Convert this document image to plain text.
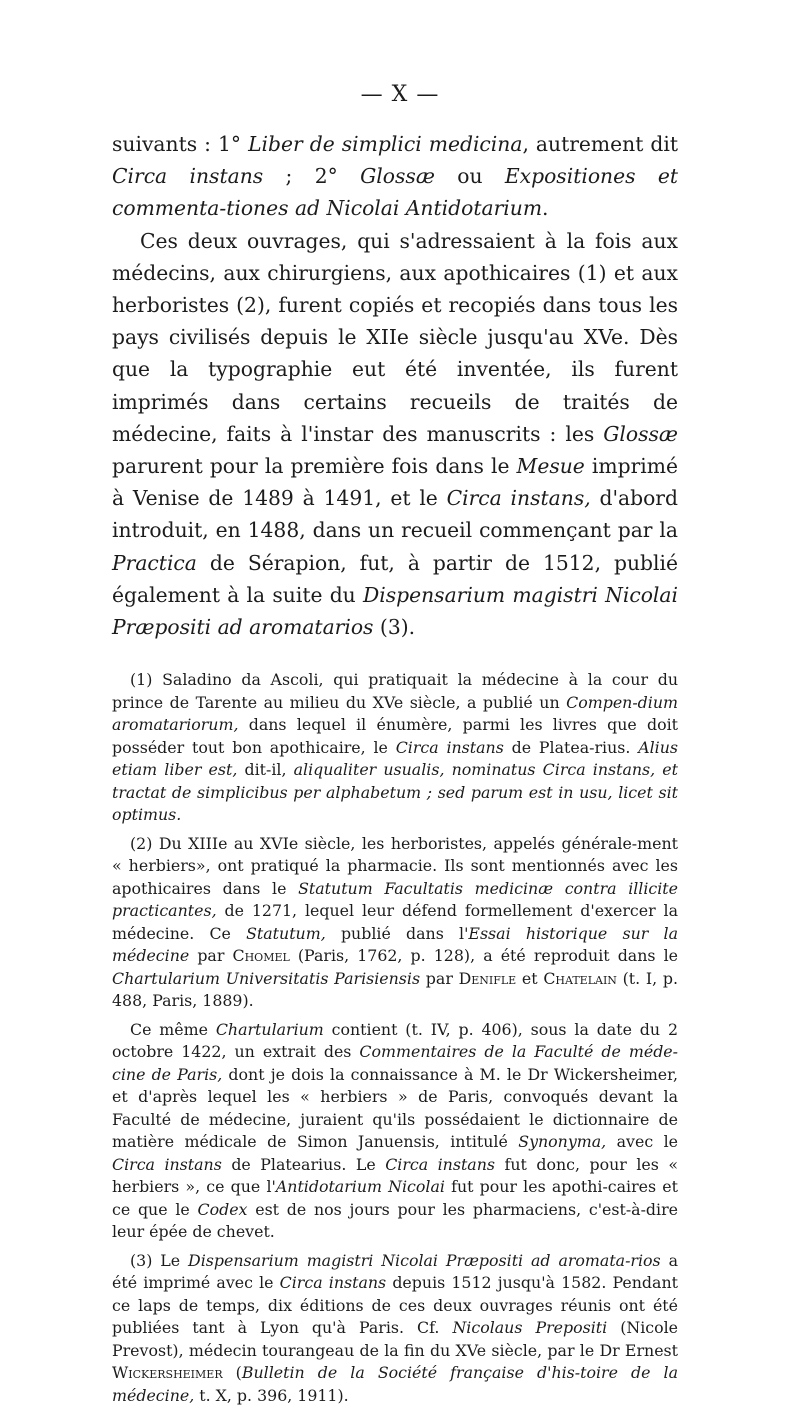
— X —

suivants : 1° Liber de simplici medicina, autrement dit Circa instans ; 2° Glossæ ou Expositiones et commenta-tiones ad Nicolai Antidotarium.

Ces deux ouvrages, qui s'adressaient à la fois aux médecins, aux chirurgiens, aux apothicaires (1) et aux herboristes (2), furent copiés et recopiés dans tous les pays civilisés depuis le XIIe siècle jusqu'au XVe. Dès que la typographie eut été inventée, ils furent imprimés dans certains recueils de traités de médecine, faits à l'instar des manuscrits : les Glossæ parurent pour la première fois dans le Mesue imprimé à Venise de 1489 à 1491, et le Circa instans, d'abord introduit, en 1488, dans un recueil commençant par la Practica de Sérapion, fut, à partir de 1512, publié également à la suite du Dispensarium magistri Nicolai Præpositi ad aromatarios (3).

(1) Saladino da Ascoli, qui pratiquait la médecine à la cour du prince de Tarente au milieu du XVe siècle, a publié un Compen-dium aromatariorum, dans lequel il énumère, parmi les livres que doit posséder tout bon apothicaire, le Circa instans de Platea-rius. Alius etiam liber est, dit-il, aliqualiter usualis, nominatus Circa instans, et tractat de simplicibus per alphabetum ; sed parum est in usu, licet sit optimus.

(2) Du XIIIe au XVIe siècle, les herboristes, appelés générale-ment « herbiers», ont pratiqué la pharmacie. Ils sont mentionnés avec les apothicaires dans le Statutum Facultatis medicinæ contra illicite practicantes, de 1271, lequel leur défend formellement d'exercer la médecine. Ce Statutum, publié dans l'Essai historique sur la médecine par Chomel (Paris, 1762, p. 128), a été reproduit dans le Chartularium Universitatis Parisiensis par Denifle et Chatelain (t. I, p. 488, Paris, 1889).

Ce même Chartularium contient (t. IV, p. 406), sous la date du 2 octobre 1422, un extrait des Commentaires de la Faculté de méde-cine de Paris, dont je dois la connaissance à M. le Dr Wickersheimer, et d'après lequel les « herbiers » de Paris, convoqués devant la Faculté de médecine, juraient qu'ils possédaient le dictionnaire de matière médicale de Simon Januensis, intitulé Synonyma, avec le Circa instans de Platearius. Le Circa instans fut donc, pour les « herbiers », ce que l'Antidotarium Nicolai fut pour les apothi-caires et ce que le Codex est de nos jours pour les pharmaciens, c'est-à-dire leur épée de chevet.

(3) Le Dispensarium magistri Nicolai Præpositi ad aromata-rios a été imprimé avec le Circa instans depuis 1512 jusqu'à 1582. Pendant ce laps de temps, dix éditions de ces deux ouvrages réunis ont été publiées tant à Lyon qu'à Paris. Cf. Nicolaus Prepositi (Nicole Prevost), médecin tourangeau de la fin du XVe siècle, par le Dr Ernest Wickersheimer (Bulletin de la Société française d'his-toire de la médecine, t. X, p. 396, 1911).
